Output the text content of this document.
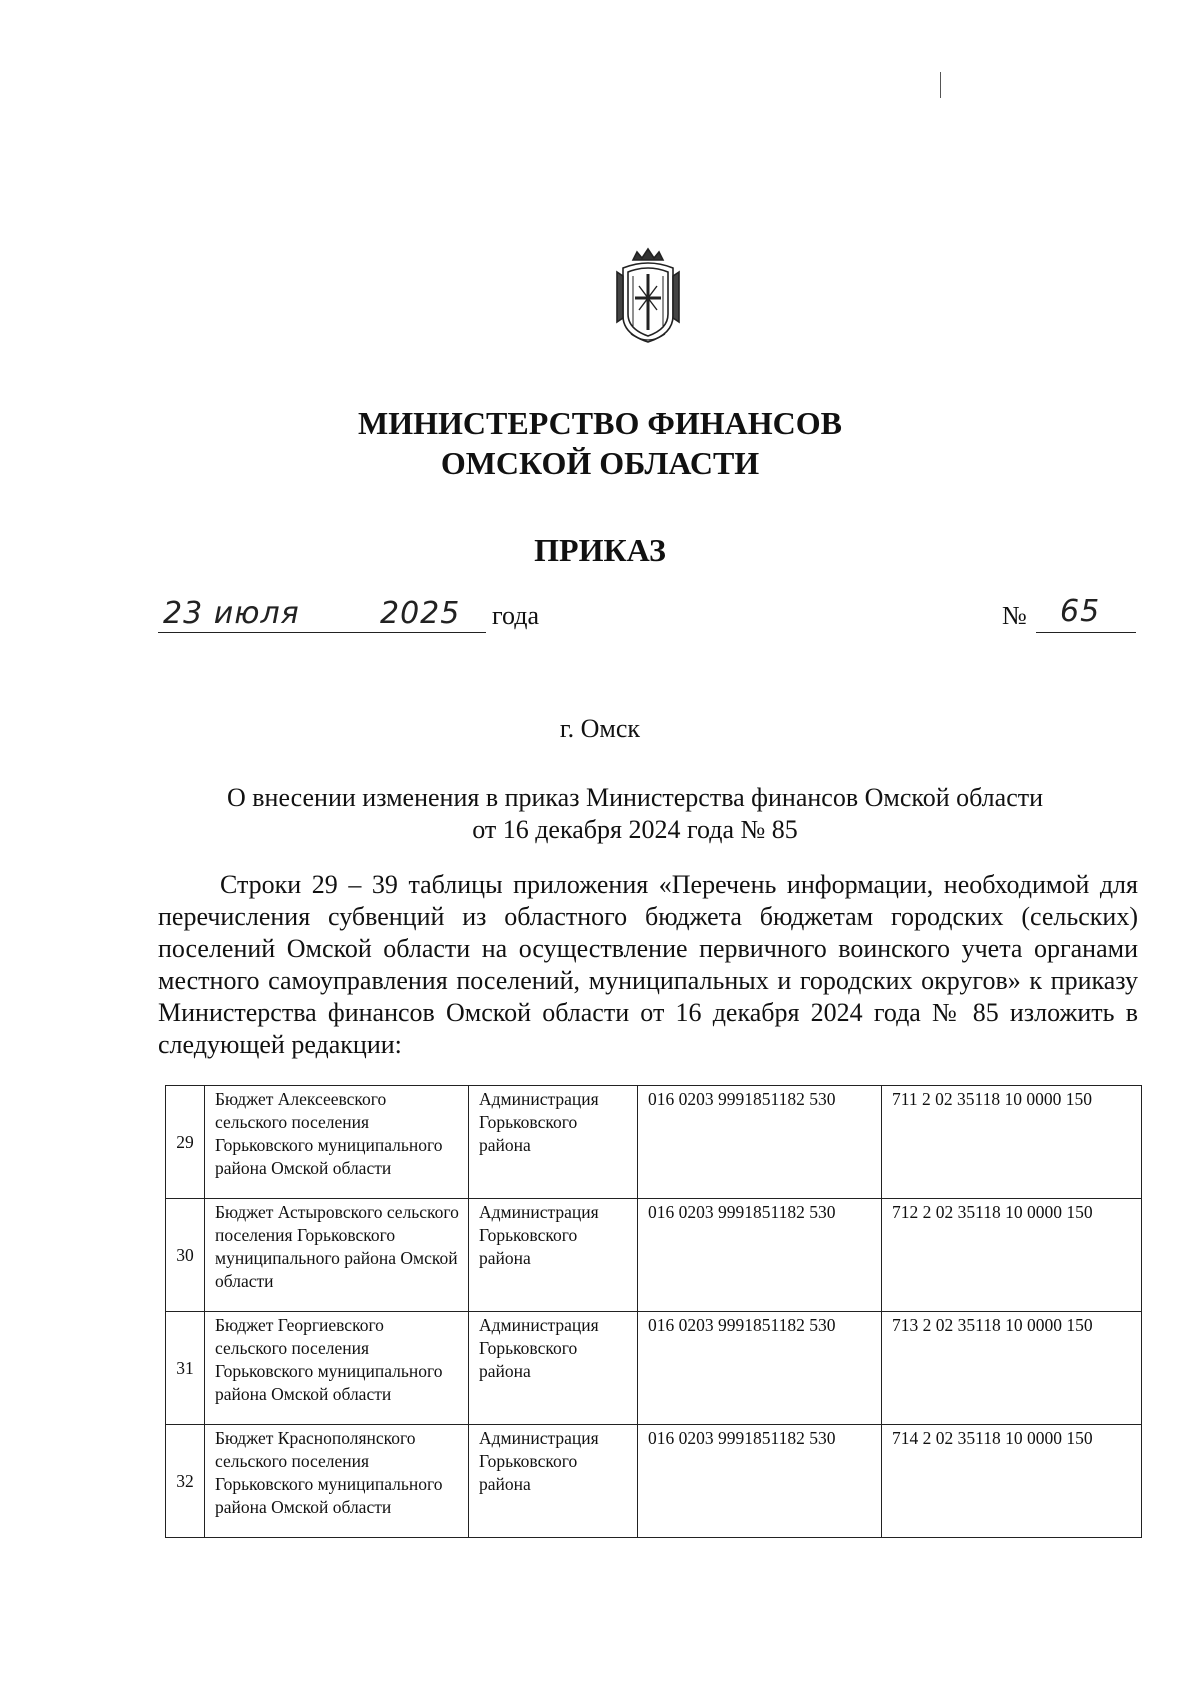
МИНИСТЕРСТВО ФИНАНСОВ
ОМСКОЙ ОБЛАСТИ
ПРИКАЗ
23 июля	2025 года	№ 65
г. Омск
О внесении изменения в приказ Министерства финансов Омской области
от 16 декабря 2024 года № 85

Строки 29 – 39 таблицы приложения «Перечень информации, необходимой для перечисления субвенций из областного бюджета бюджетам городских (сельских) поселений Омской области на осуществление первичного воинского учета органами местного самоуправления поселений, муниципальных и городских округов» к приказу Министерства финансов Омской области от 16 декабря 2024 года № 85 изложить в следующей редакции:

29	Бюджет Алексеевского сельского поселения Горьковского муниципального района Омской области	Администрация Горьковского района	016 0203 9991851182 530	711 2 02 35118 10 0000 150
30	Бюджет Астыровского сельского поселения Горьковского муниципального района Омской области	Администрация Горьковского района	016 0203 9991851182 530	712 2 02 35118 10 0000 150
31	Бюджет Георгиевского сельского поселения Горьковского муниципального района Омской области	Администрация Горьковского района	016 0203 9991851182 530	713 2 02 35118 10 0000 150
32	Бюджет Краснополянского сельского поселения Горьковского муниципального района Омской области	Администрация Горьковского района	016 0203 9991851182 530	714 2 02 35118 10 0000 150
